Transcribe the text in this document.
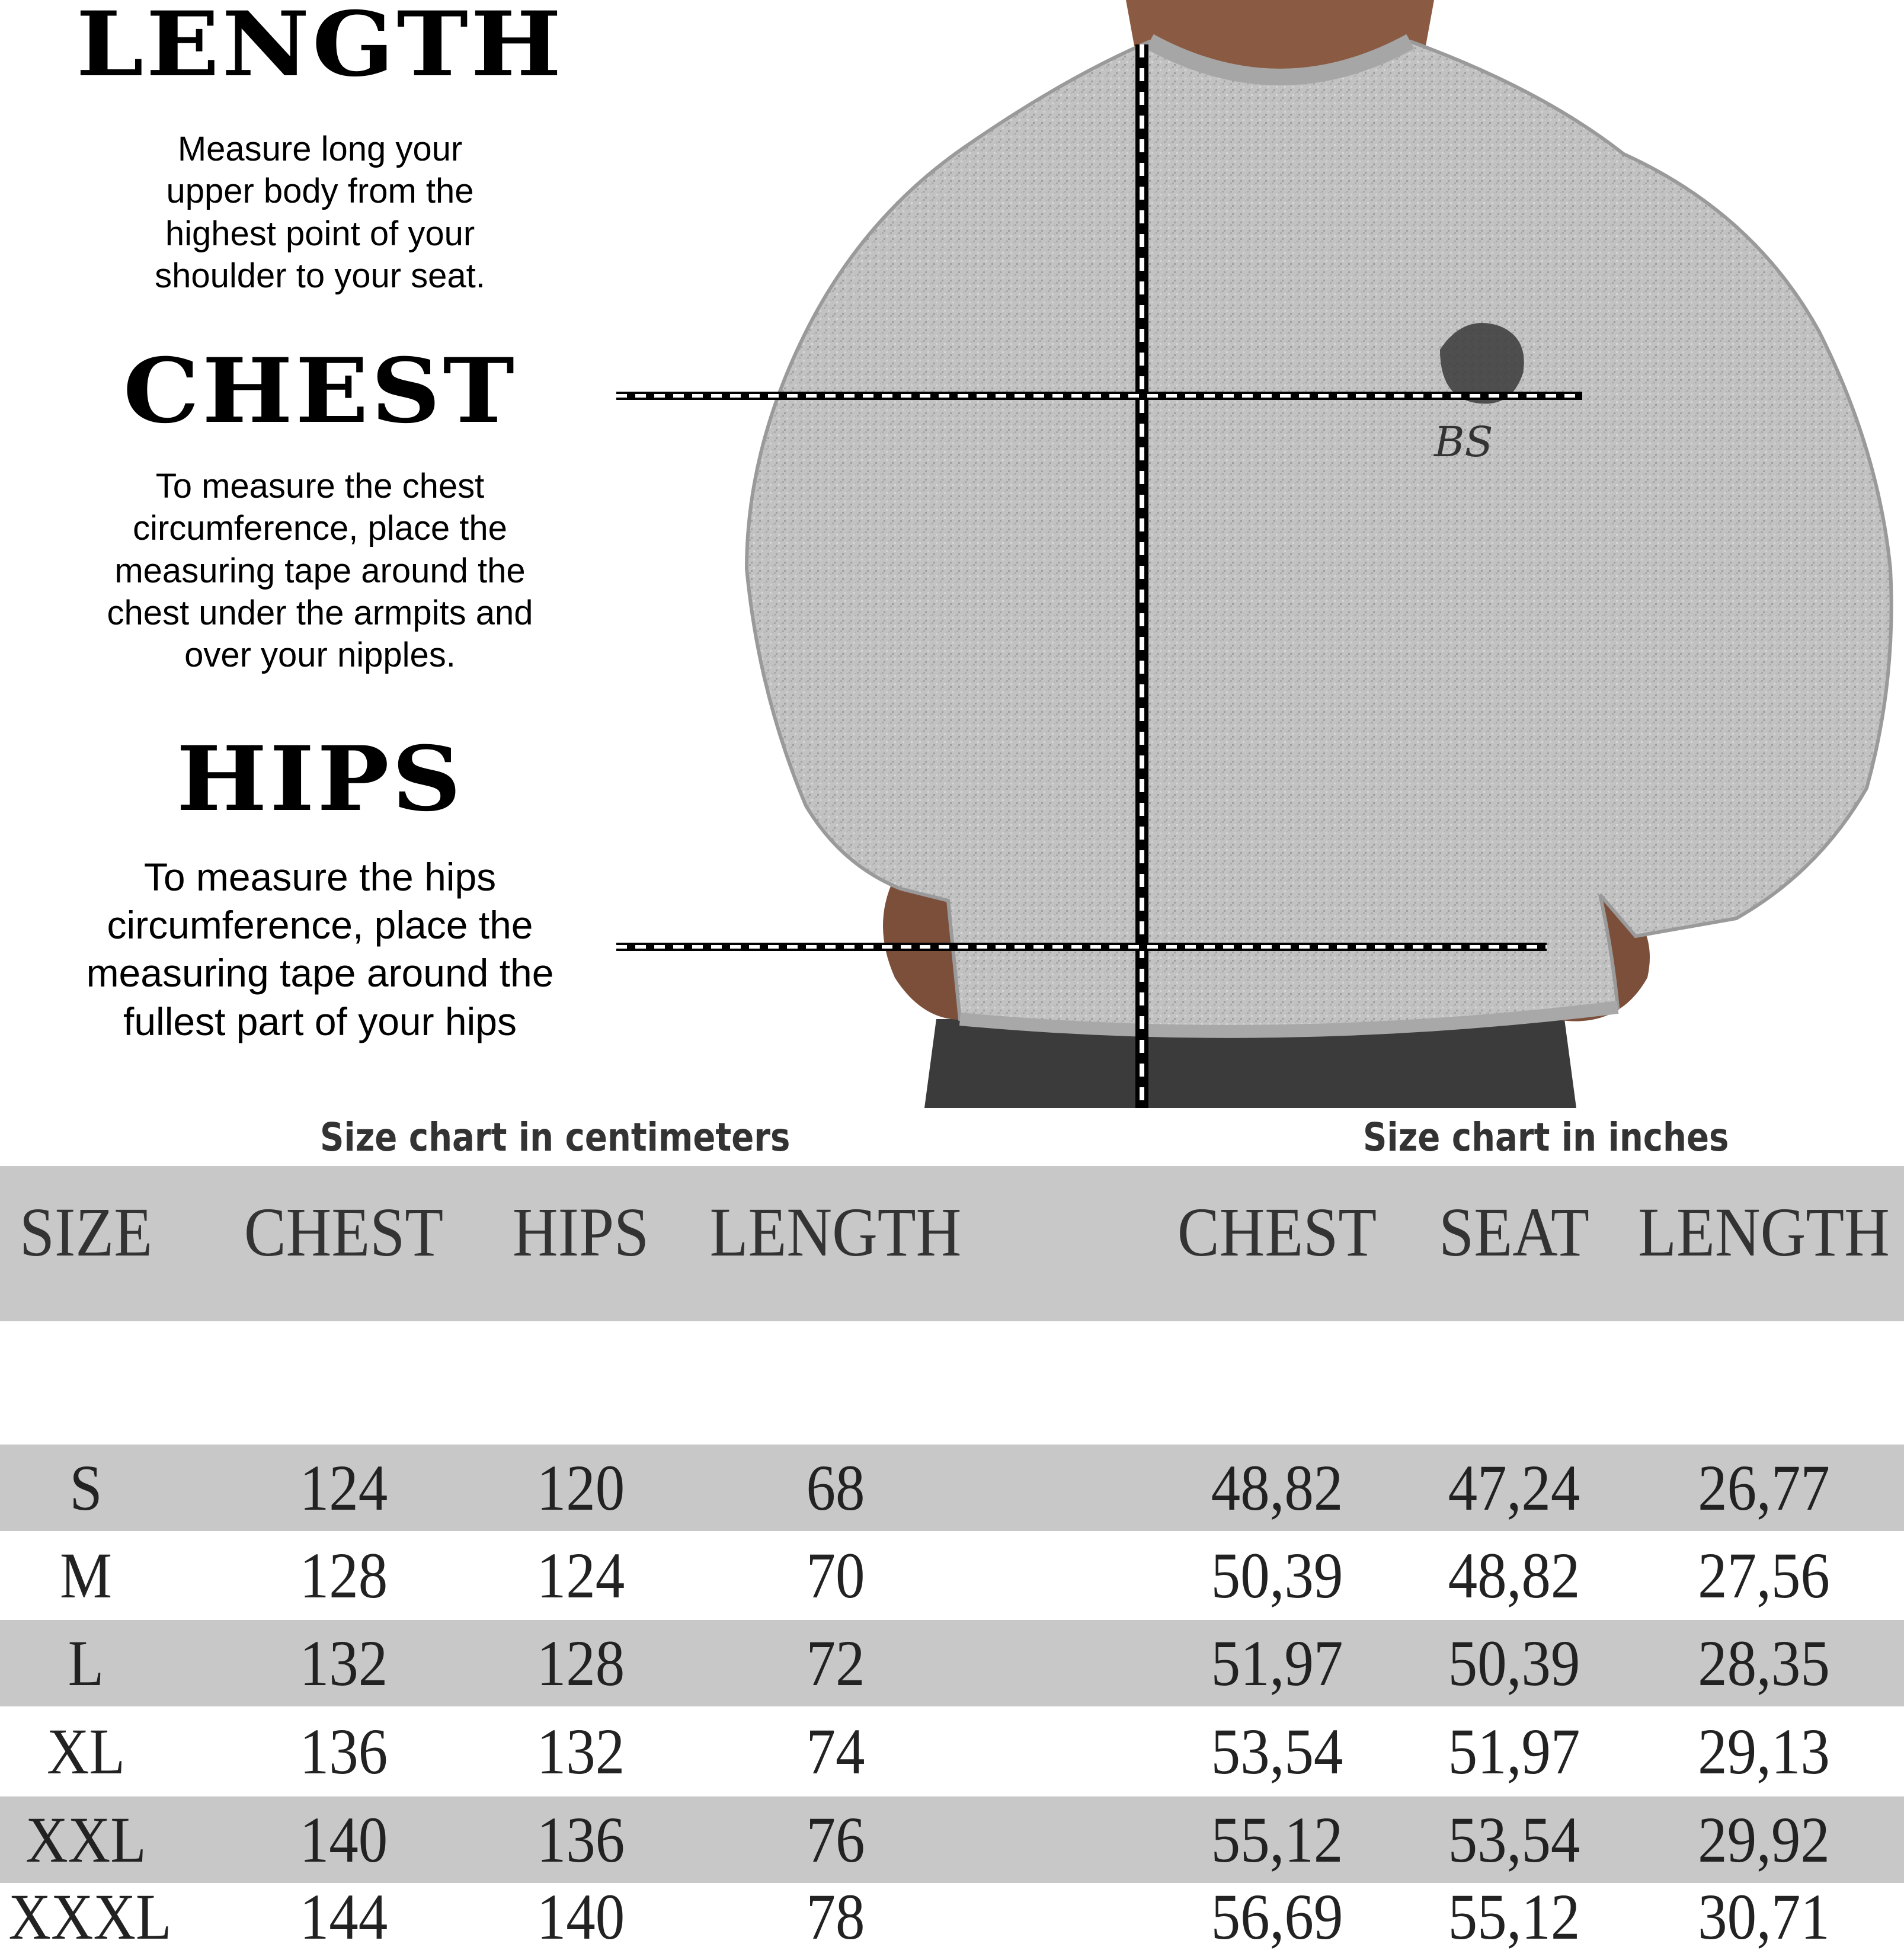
LENGTH
Measure long your
upper body from the
highest point of your
shoulder to your seat.
CHEST
To measure the chest
circumference, place the
measuring tape around the
chest under the armpits and
over your nipples.
HIPS
To measure the hips
circumference, place the
measuring tape around the
fullest part of your hips
BS
Size chart in centimeters	Size chart in inches
SIZE CHEST HIPS LENGTH	CHEST SEAT LENGTH
S	124	120	68	48,82	47,24	26,77
M	128	124	70	50,39	48,82	27,56
L	132	128	72	51,97	50,39	28,35
XL	136	132	74	53,54	51,97	29,13
XXL	140	136	76	55,12	53,54	29,92
XXXL	144	140	78	56,69	55,12	30,71
